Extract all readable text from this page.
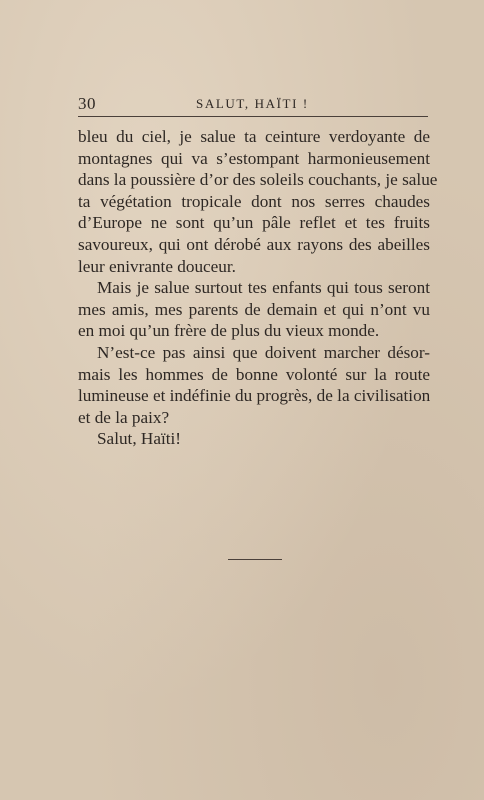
30	SALUT, HAÏTI !
bleu du ciel, je salue ta ceinture verdoyante de
montagnes qui va s’estompant harmonieusement
dans la poussière d’or des soleils couchants, je salue
ta végétation tropicale dont nos serres chaudes
d’Europe ne sont qu’un pâle reflet et tes fruits
savoureux, qui ont dérobé aux rayons des abeilles
leur enivrante douceur.
Mais je salue surtout tes enfants qui tous seront
mes amis, mes parents de demain et qui n’ont vu
en moi qu’un frère de plus du vieux monde.
N’est-ce pas ainsi que doivent marcher désor-
mais les hommes de bonne volonté sur la route
lumineuse et indéfinie du progrès, de la civilisation
et de la paix?
Salut, Haïti!
